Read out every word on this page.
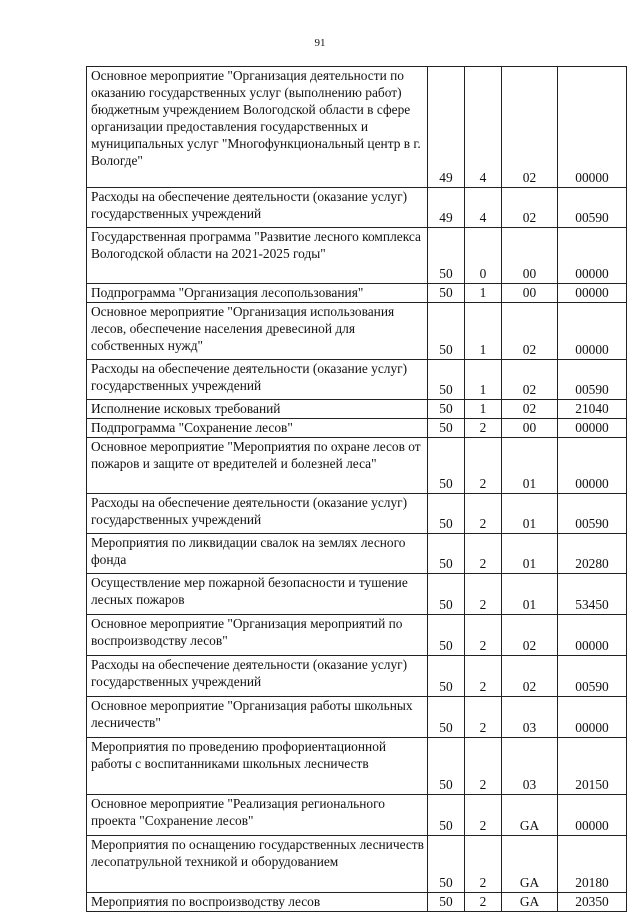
91
Основное мероприятие "Организация деятельности по оказанию государственных услуг (выполнению работ) бюджетным учреждением Вологодской области в сфере организации предоставления государственных и муниципальных услуг "Многофункциональный центр в г. Вологде"	49	4	02	00000
Расходы на обеспечение деятельности (оказание услуг) государственных учреждений	49	4	02	00590
Государственная программа "Развитие лесного комплекса Вологодской области на 2021-2025 годы"	50	0	00	00000
Подпрограмма "Организация лесопользования"	50	1	00	00000
Основное мероприятие "Организация использования лесов, обеспечение населения древесиной для собственных нужд"	50	1	02	00000
Расходы на обеспечение деятельности (оказание услуг) государственных учреждений	50	1	02	00590
Исполнение исковых требований	50	1	02	21040
Подпрограмма "Сохранение лесов"	50	2	00	00000
Основное мероприятие "Мероприятия по охране лесов от пожаров и защите от вредителей и болезней леса"	50	2	01	00000
Расходы на обеспечение деятельности (оказание услуг) государственных учреждений	50	2	01	00590
Мероприятия по ликвидации свалок на землях лесного фонда	50	2	01	20280
Осуществление мер пожарной безопасности и тушение лесных пожаров	50	2	01	53450
Основное мероприятие "Организация мероприятий по воспроизводству лесов"	50	2	02	00000
Расходы на обеспечение деятельности (оказание услуг) государственных учреждений	50	2	02	00590
Основное мероприятие "Организация работы школьных лесничеств"	50	2	03	00000
Мероприятия по проведению профориентационной работы с воспитанниками школьных лесничеств	50	2	03	20150
Основное мероприятие "Реализация регионального проекта "Сохранение лесов"	50	2	GA	00000
Мероприятия по оснащению государственных лесничеств лесопатрульной техникой и оборудованием	50	2	GA	20180
Мероприятия по воспроизводству лесов	50	2	GA	20350
